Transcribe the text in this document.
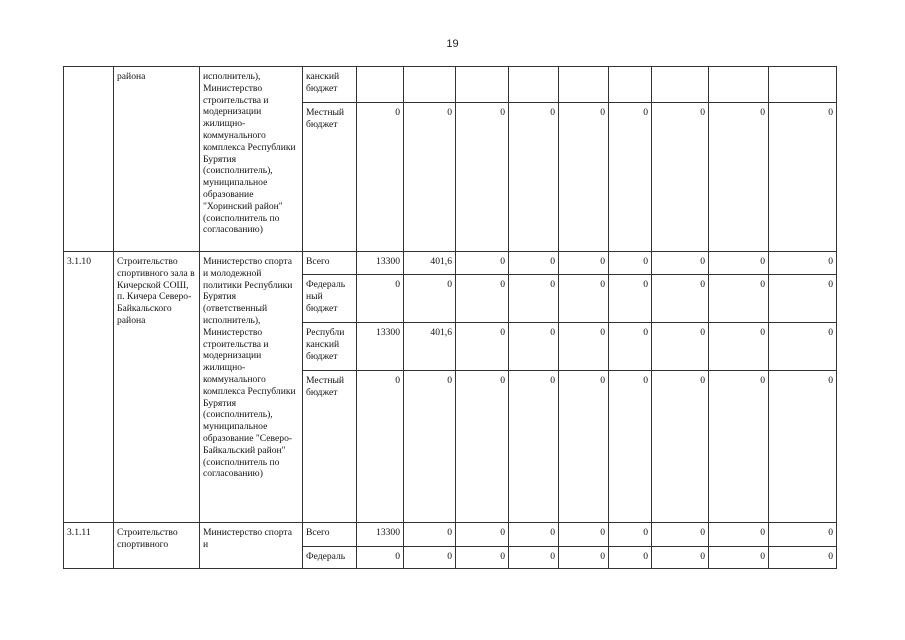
19
	района	исполнитель), Министерство строительства и модернизации жилищно-коммунального комплекса Республики Бурятия (соисполнитель), муниципальное образование "Хоринский район" (соисполнитель по согласованию)	канский бюджет									
			Местный бюджет	0	0	0	0	0	0	0	0	0
3.1.10	Строительство спортивного зала в Кичерской СОШ, п. Кичера Северо-Байкальского района	Министерство спорта и молодежной политики Республики Бурятия (ответственный исполнитель), Министерство строительства и модернизации жилищно-коммунального комплекса Республики Бурятия (соисполнитель), муниципальное образование "Северо-Байкальский район" (соисполнитель по согласованию)	Всего	13300	401,6	0	0	0	0	0	0	0
			Федераль ный бюджет	0	0	0	0	0	0	0	0	0
			Республи канский бюджет	13300	401,6	0	0	0	0	0	0	0
			Местный бюджет	0	0	0	0	0	0	0	0	0
3.1.11	Строительство спортивного	Министерство спорта и	Всего	13300	0	0	0	0	0	0	0	0
			Федераль	0	0	0	0	0	0	0	0	0
